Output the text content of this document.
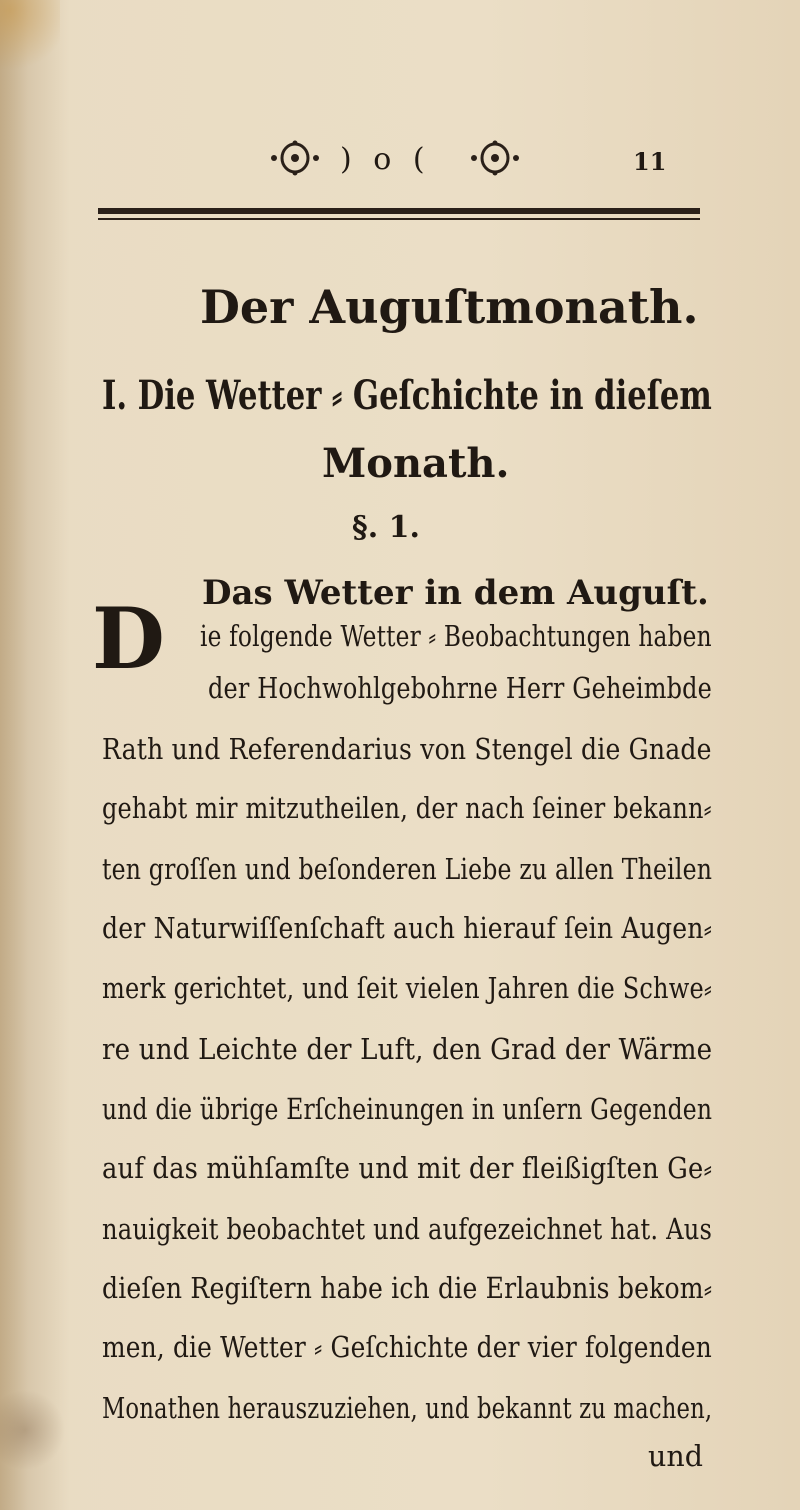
) o (	11
Der Auguſtmonath.
I. Die Wetter ⸗ Geſchichte in dieſem
Monath.
§. 1.
Das Wetter in dem Auguſt.
D	ie folgende Wetter ⸗ Beobachtungen haben
der Hochwohlgebohrne Herr Geheimbde
Rath und Referendarius von Stengel die Gnade
gehabt mir mitzutheilen, der nach ſeiner bekann⸗
ten groſſen und beſonderen Liebe zu allen Theilen
der Naturwiſſenſchaft auch hierauf ſein Augen⸗
merk gerichtet, und ſeit vielen Jahren die Schwe⸗
re und Leichte der Luft, den Grad der Wärme
und die übrige Erſcheinungen in unſern Gegenden
auf das mühſamſte und mit der fleißigſten Ge⸗
nauigkeit beobachtet und aufgezeichnet hat. Aus
dieſen Regiſtern habe ich die Erlaubnis bekom⸗
men, die Wetter ⸗ Geſchichte der vier folgenden
Monathen herauszuziehen, und bekannt zu machen,
und
